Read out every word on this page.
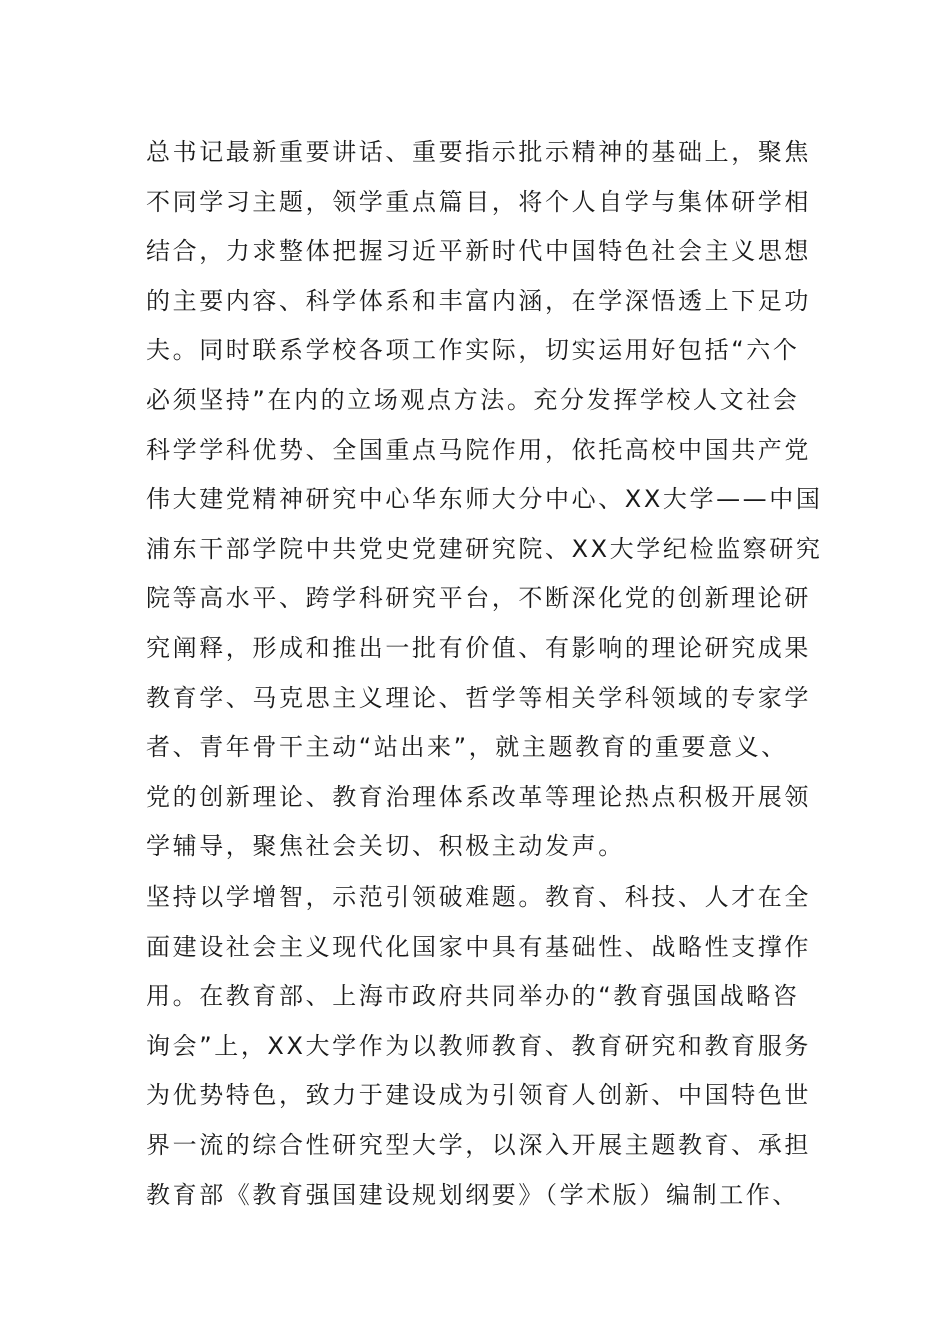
总书记最新重要讲话、重要指示批示精神的基础上，聚焦
不同学习主题，领学重点篇目，将个人自学与集体研学相
结合，力求整体把握习近平新时代中国特色社会主义思想
的主要内容、科学体系和丰富内涵，在学深悟透上下足功
夫。同时联系学校各项工作实际，切实运用好包括“六个
必须坚持”在内的立场观点方法。充分发挥学校人文社会
科学学科优势、全国重点马院作用，依托高校中国共产党
伟大建党精神研究中心华东师大分中心、XX大学——中国
浦东干部学院中共党史党建研究院、XX大学纪检监察研究
院等高水平、跨学科研究平台，不断深化党的创新理论研
究阐释，形成和推出一批有价值、有影响的理论研究成果
教育学、马克思主义理论、哲学等相关学科领域的专家学
者、青年骨干主动“站出来”，就主题教育的重要意义、
党的创新理论、教育治理体系改革等理论热点积极开展领
学辅导，聚焦社会关切、积极主动发声。
坚持以学增智，示范引领破难题。教育、科技、人才在全
面建设社会主义现代化国家中具有基础性、战略性支撑作
用。在教育部、上海市政府共同举办的“教育强国战略咨
询会”上，XX大学作为以教师教育、教育研究和教育服务
为优势特色，致力于建设成为引领育人创新、中国特色世
界一流的综合性研究型大学，以深入开展主题教育、承担
教育部《教育强国建设规划纲要》（学术版）编制工作、
